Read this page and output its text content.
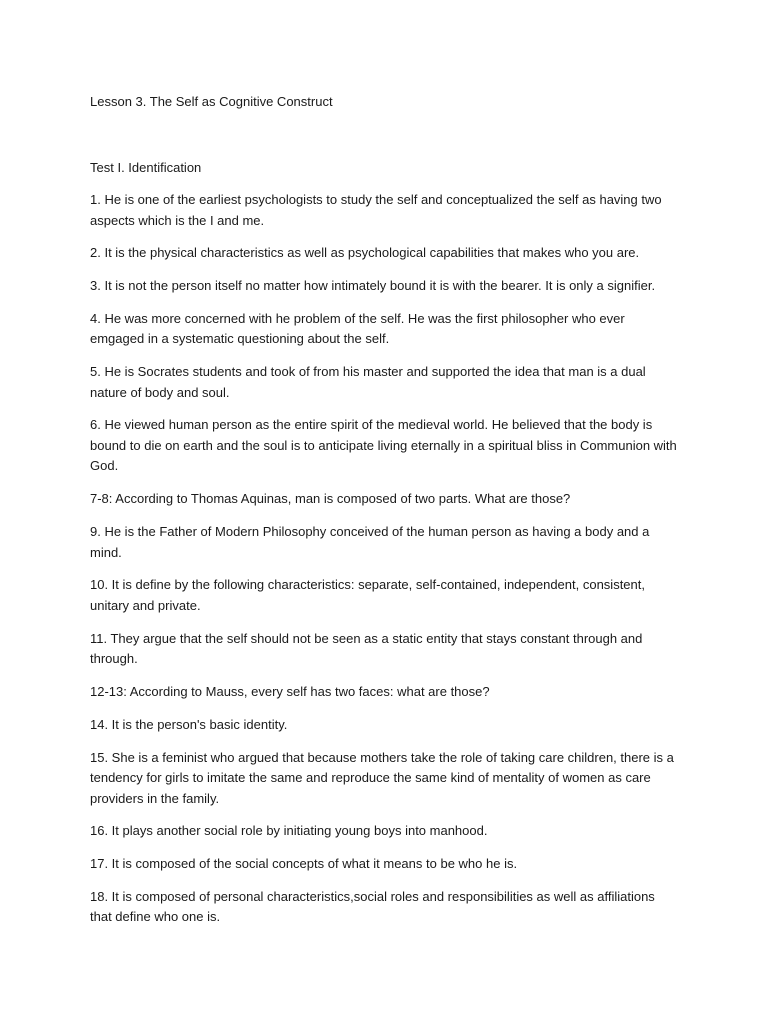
Lesson 3. The Self as Cognitive Construct

Test I. Identification

1. He is one of the earliest psychologists to study the self and conceptualized the self as having two aspects which is the I and me.
2. It is the physical characteristics as well as psychological capabilities that makes who you are.
3. It is not the person itself no matter how intimately bound it is with the bearer. It is only a signifier.
4. He was more concerned with he problem of the self. He was the first philosopher who ever emgaged in a systematic questioning about the self.
5. He is Socrates students and took of from his master and supported the idea that man is a dual nature of body and soul.
6. He viewed human person as the entire spirit of the medieval world. He believed that the body is bound to die on earth and the soul is to anticipate living eternally in a spiritual bliss in Communion with God.
7-8: According to Thomas Aquinas, man is composed of two parts. What are those?
9. He is the Father of Modern Philosophy conceived of the human person as having a body and a mind.
10. It is define by the following characteristics: separate, self-contained, independent, consistent, unitary and private.
11. They argue that the self should not be seen as a static entity that stays constant through and through.
12-13: According to Mauss, every self has two faces: what are those?
14. It is the person's basic identity.
15. She is a feminist who argued that because mothers take the role of taking care children, there is a tendency for girls to imitate the same and reproduce the same kind of mentality of women as care providers in the family.
16. It plays another social role by initiating young boys into manhood.
17. It is composed of the social concepts of what it means to be who he is.
18. It is composed of personal characteristics,social roles and responsibilities as well as affiliations that define who one is.
